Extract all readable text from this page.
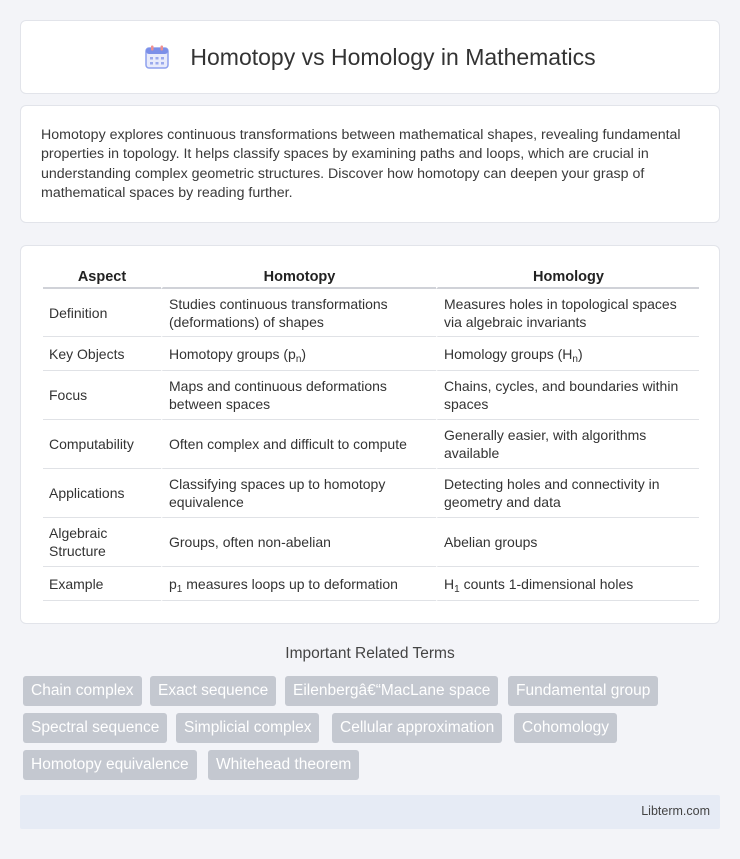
Homotopy vs Homology in Mathematics

Homotopy explores continuous transformations between mathematical shapes, revealing fundamental properties in topology. It helps classify spaces by examining paths and loops, which are crucial in understanding complex geometric structures. Discover how homotopy can deepen your grasp of mathematical spaces by reading further.

Aspect	Homotopy	Homology
Definition	Studies continuous transformations (deformations) of shapes	Measures holes in topological spaces via algebraic invariants
Key Objects	Homotopy groups $(p_n)$	Homology groups $(H_n)$
Focus	Maps and continuous deformations between spaces	Chains, cycles, and boundaries within spaces
Computability	Often complex and difficult to compute	Generally easier, with algorithms available
Applications	Classifying spaces up to homotopy equivalence	Detecting holes and connectivity in geometry and data
Algebraic Structure	Groups, often non-abelian	Abelian groups
Example	$p_1$ measures loops up to deformation	$H_1$ counts 1-dimensional holes
Important Related Terms
Chain complex	Exact sequence	Eilenbergâ€“MacLane space	Fundamental group
Spectral sequence	Simplicial complex	Cellular approximation	Cohomology
Homotopy equivalence	Whitehead theorem
Libterm.com
